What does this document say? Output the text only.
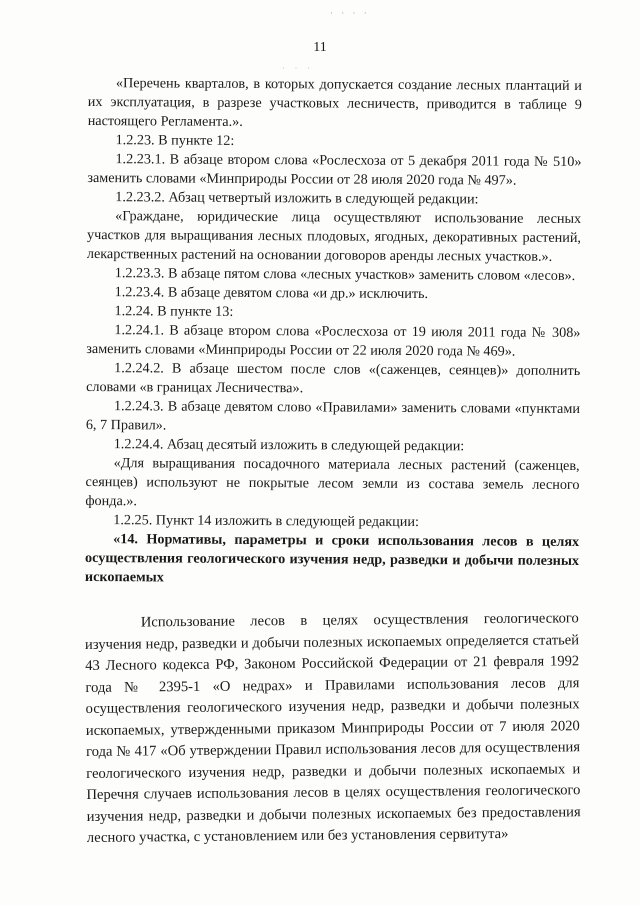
· · · ·
· · ·
11

«Перечень кварталов, в которых допускается создание лесных плантаций и их эксплуатация, в разрезе участковых лесничеств, приводится в таблице 9 настоящего Регламента.».

1.2.23. В пункте 12:

1.2.23.1. В абзаце втором слова «Рослесхоза от 5 декабря 2011 года № 510» заменить словами «Минприроды России от 28 июля 2020 года № 497».

1.2.23.2. Абзац четвертый изложить в следующей редакции:

«Граждане, юридические лица осуществляют использование лесных участков для выращивания лесных плодовых, ягодных, декоративных растений, лекарственных растений на основании договоров аренды лесных участков.».

1.2.23.3. В абзаце пятом слова «лесных участков» заменить словом «лесов».

1.2.23.4. В абзаце девятом слова «и др.» исключить.

1.2.24. В пункте 13:

1.2.24.1. В абзаце втором слова «Рослесхоза от 19 июля 2011 года № 308» заменить словами «Минприроды России от 22 июля 2020 года № 469».

1.2.24.2. В абзаце шестом после слов «(саженцев, сеянцев)» дополнить словами «в границах Лесничества».

1.2.24.3. В абзаце девятом слово «Правилами» заменить словами «пунктами 6, 7 Правил».

1.2.24.4. Абзац десятый изложить в следующей редакции:

«Для выращивания посадочного материала лесных растений (саженцев, сеянцев) используют не покрытые лесом земли из состава земель лесного фонда.».

1.2.25. Пункт 14 изложить в следующей редакции:

«14. Нормативы, параметры и сроки использования лесов в целях осуществления геологического изучения недр, разведки и добычи полезных ископаемых

Использование лесов в целях осуществления геологического изучения недр, разведки и добычи полезных ископаемых определяется статьей 43 Лесного кодекса РФ, Законом Российской Федерации от 21 февраля 1992 года № 2395-1 «О недрах» и Правилами использования лесов для осуществления геологического изучения недр, разведки и добычи полезных ископаемых, утвержденными приказом Минприроды России от 7 июля 2020 года № 417 «Об утверждении Правил использования лесов для осуществления геологического изучения недр, разведки и добычи полезных ископаемых и Перечня случаев использования лесов в целях осуществления геологического изучения недр, разведки и добычи полезных ископаемых без предоставления лесного участка, с установлением или без установления сервитута»
